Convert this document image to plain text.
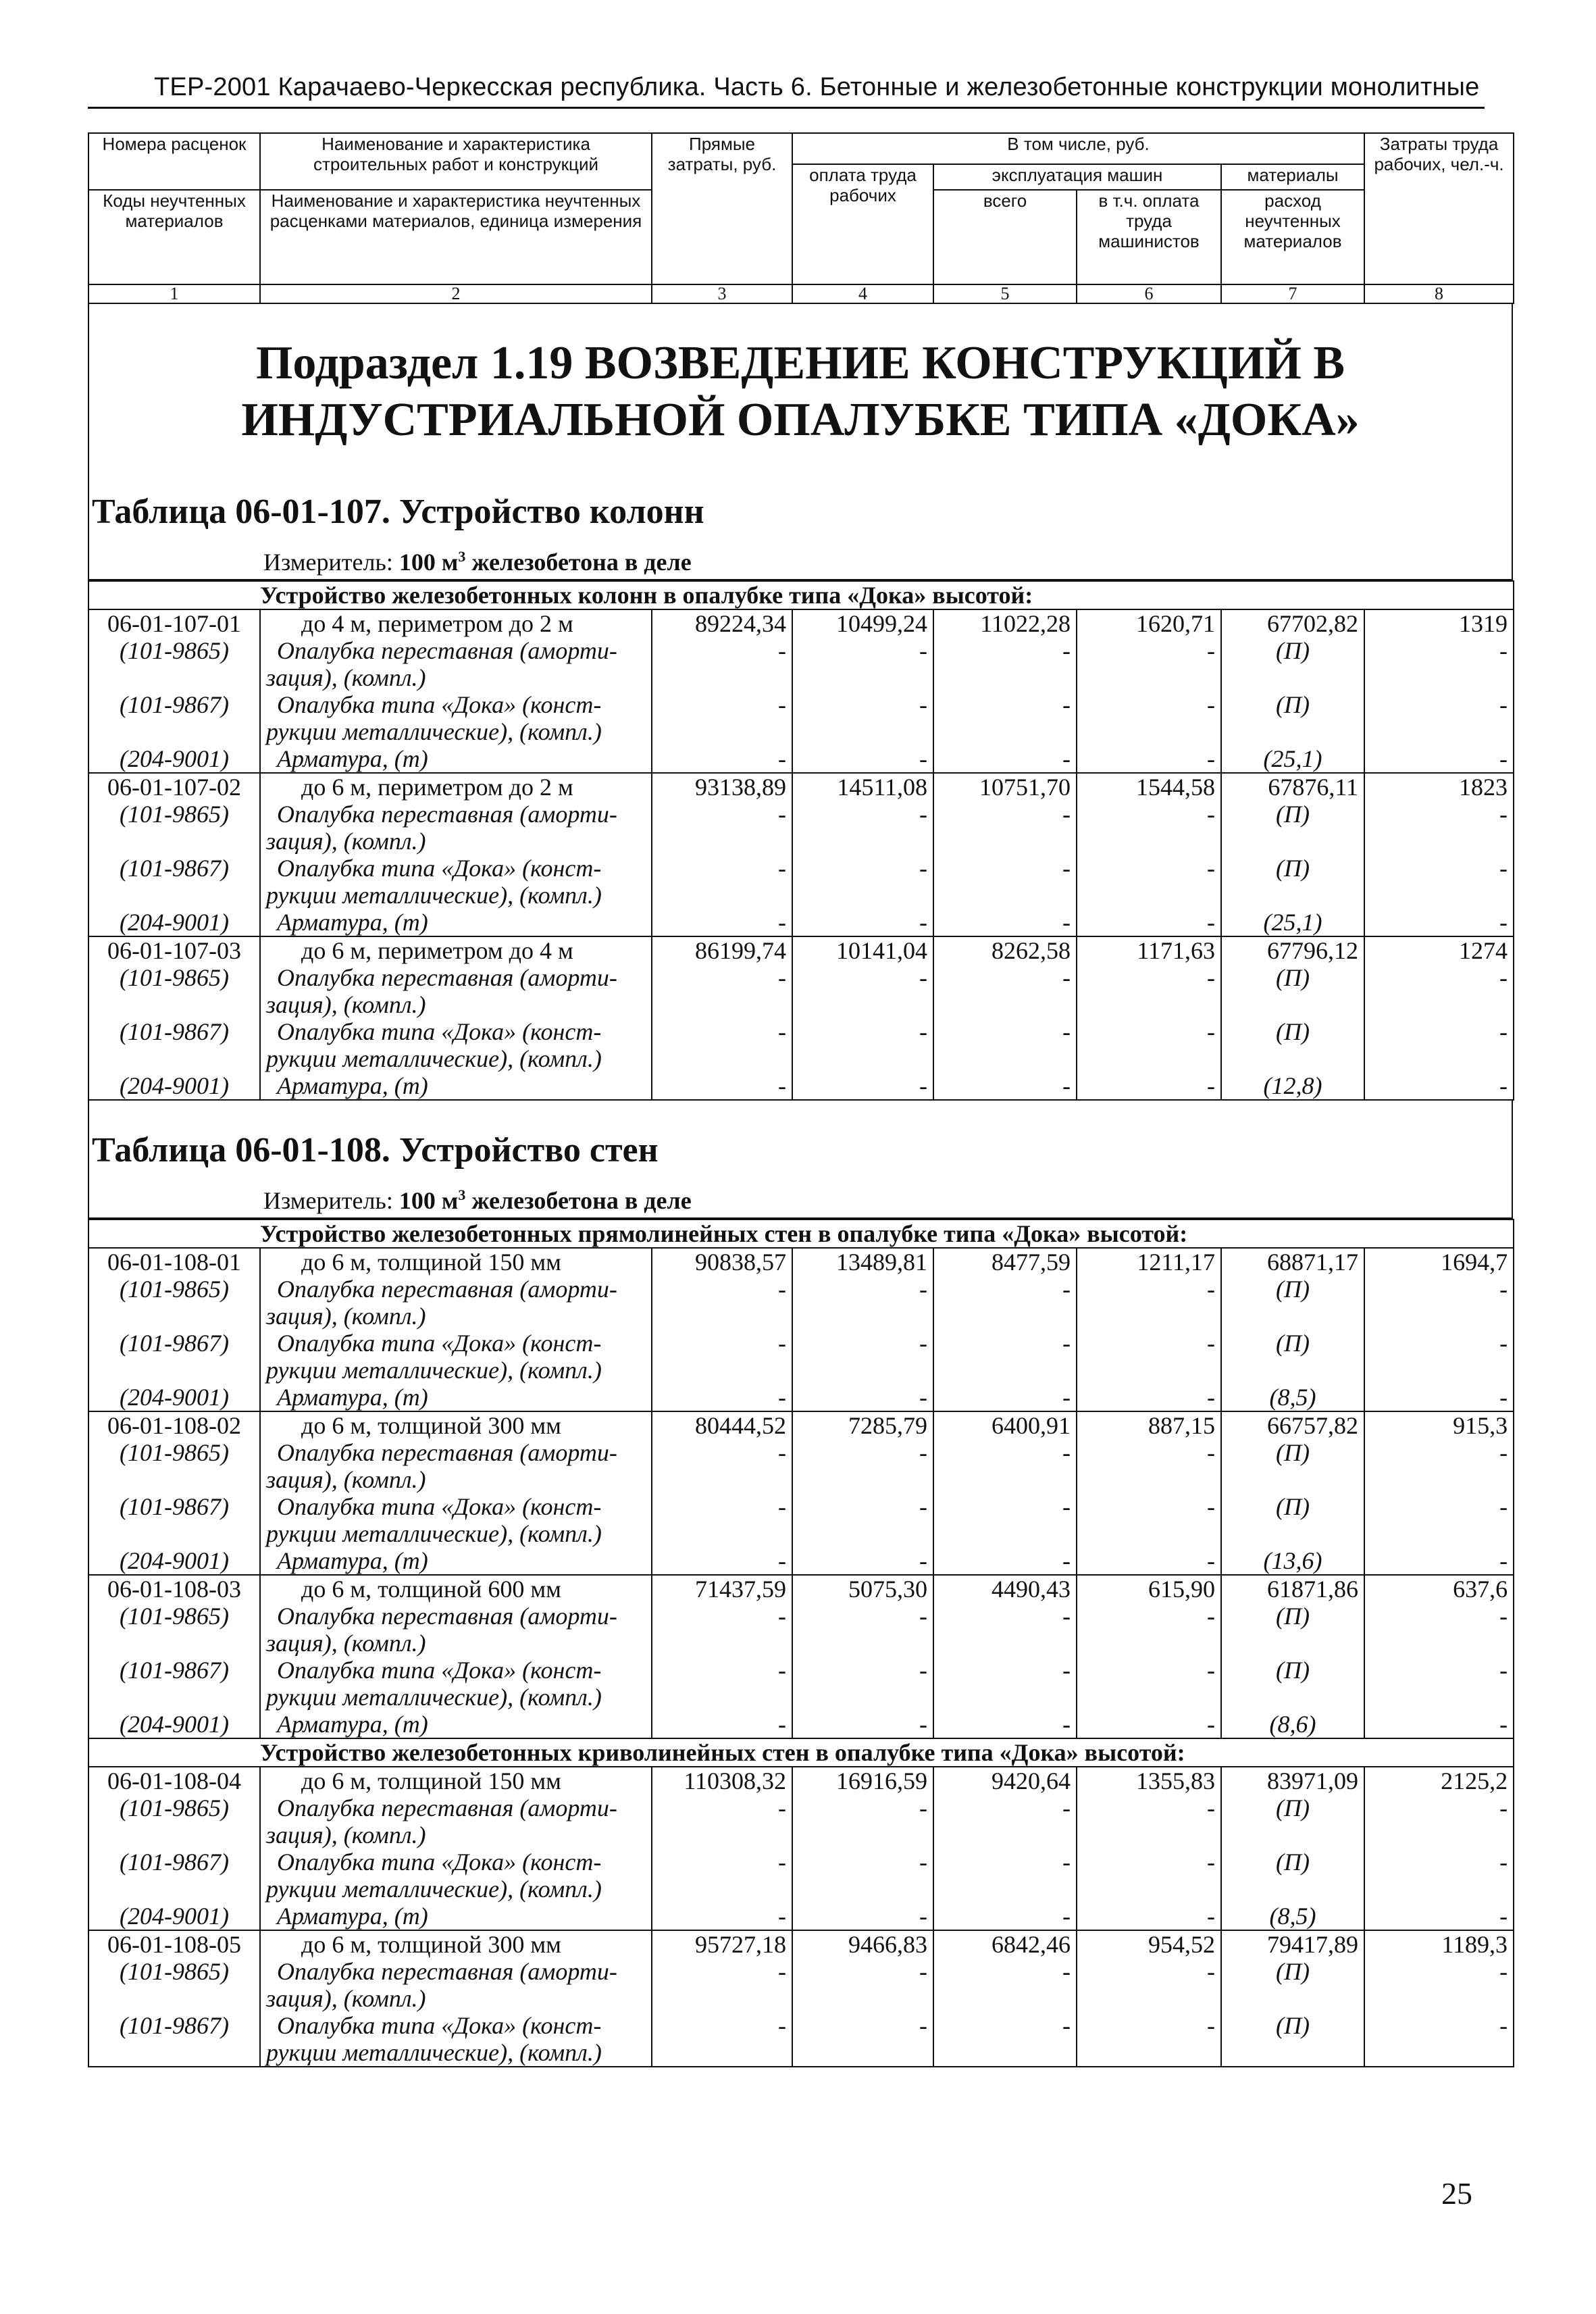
ТЕР-2001 Карачаево-Черкесская республика. Часть 6. Бетонные и железобетонные конструкции монолитные
Номера расценок	Наименование и характеристика строительных работ и конструкций	Прямые затраты, руб.	В том числе, руб.				Затраты труда рабочих, чел.-ч.
			оплата труда рабочих	эксплуатация машин		материалы	
Коды неучтенных материалов	Наименование и характеристика неучтенных расценками материалов, единица измерения			всего	в т.ч. оплата труда машинистов	расход неучтенных материалов	

1	2	3	4	5	6	7	8
Подраздел 1.19 ВОЗВЕДЕНИЕ КОНСТРУКЦИЙ В ИНДУСТРИАЛЬНОЙ ОПАЛУБКЕ ТИПА «ДОКА»
Таблица 06-01-107. Устройство колонн
Измеритель: 100 $м^3$ железобетона в деле
	Устройство железобетонных колонн в опалубке типа «Дока» высотой:						
06-01-107-01	до 4 м, периметром до 2 м	89224,34	10499,24	11022,28	1620,71	67702,82	1319
(101-9865)	Опалубка переставная (аморти-	-	-	-	-	(П)	-
	зация), (компл.)						
(101-9867)	Опалубка типа «Дока» (конст-	-	-	-	-	(П)	-
	рукции металлические), (компл.)						
(204-9001)	Арматура, (т)	-	-	-	-	(25,1)	-
06-01-107-02	до 6 м, периметром до 2 м	93138,89	14511,08	10751,70	1544,58	67876,11	1823
(101-9865)	Опалубка переставная (аморти-	-	-	-	-	(П)	-
	зация), (компл.)						
(101-9867)	Опалубка типа «Дока» (конст-	-	-	-	-	(П)	-
	рукции металлические), (компл.)						
(204-9001)	Арматура, (т)	-	-	-	-	(25,1)	-
06-01-107-03	до 6 м, периметром до 4 м	86199,74	10141,04	8262,58	1171,63	67796,12	1274
(101-9865)	Опалубка переставная (аморти-	-	-	-	-	(П)	-
	зация), (компл.)						
(101-9867)	Опалубка типа «Дока» (конст-	-	-	-	-	(П)	-
	рукции металлические), (компл.)						
(204-9001)	Арматура, (т)	-	-	-	-	(12,8)	-
Таблица 06-01-108. Устройство стен
Измеритель: 100 $м^3$ железобетона в деле
	Устройство железобетонных прямолинейных стен в опалубке типа «Дока» высотой:						
06-01-108-01	до 6 м, толщиной 150 мм	90838,57	13489,81	8477,59	1211,17	68871,17	1694,7
(101-9865)	Опалубка переставная (аморти-	-	-	-	-	(П)	-
	зация), (компл.)						
(101-9867)	Опалубка типа «Дока» (конст-	-	-	-	-	(П)	-
	рукции металлические), (компл.)						
(204-9001)	Арматура, (т)	-	-	-	-	(8,5)	-
06-01-108-02	до 6 м, толщиной 300 мм	80444,52	7285,79	6400,91	887,15	66757,82	915,3
(101-9865)	Опалубка переставная (аморти-	-	-	-	-	(П)	-
	зация), (компл.)						
(101-9867)	Опалубка типа «Дока» (конст-	-	-	-	-	(П)	-
	рукции металлические), (компл.)						
(204-9001)	Арматура, (т)	-	-	-	-	(13,6)	-
06-01-108-03	до 6 м, толщиной 600 мм	71437,59	5075,30	4490,43	615,90	61871,86	637,6
(101-9865)	Опалубка переставная (аморти-	-	-	-	-	(П)	-
	зация), (компл.)						
(101-9867)	Опалубка типа «Дока» (конст-	-	-	-	-	(П)	-
	рукции металлические), (компл.)						
(204-9001)	Арматура, (т)	-	-	-	-	(8,6)	-
	Устройство железобетонных криволинейных стен в опалубке типа «Дока» высотой:						
06-01-108-04	до 6 м, толщиной 150 мм	110308,32	16916,59	9420,64	1355,83	83971,09	2125,2
(101-9865)	Опалубка переставная (аморти-	-	-	-	-	(П)	-
	зация), (компл.)						
(101-9867)	Опалубка типа «Дока» (конст-	-	-	-	-	(П)	-
	рукции металлические), (компл.)						
(204-9001)	Арматура, (т)	-	-	-	-	(8,5)	-
06-01-108-05	до 6 м, толщиной 300 мм	95727,18	9466,83	6842,46	954,52	79417,89	1189,3
(101-9865)	Опалубка переставная (аморти-	-	-	-	-	(П)	-
	зация), (компл.)						
(101-9867)	Опалубка типа «Дока» (конст-	-	-	-	-	(П)	-
	рукции металлические), (компл.)						
25
